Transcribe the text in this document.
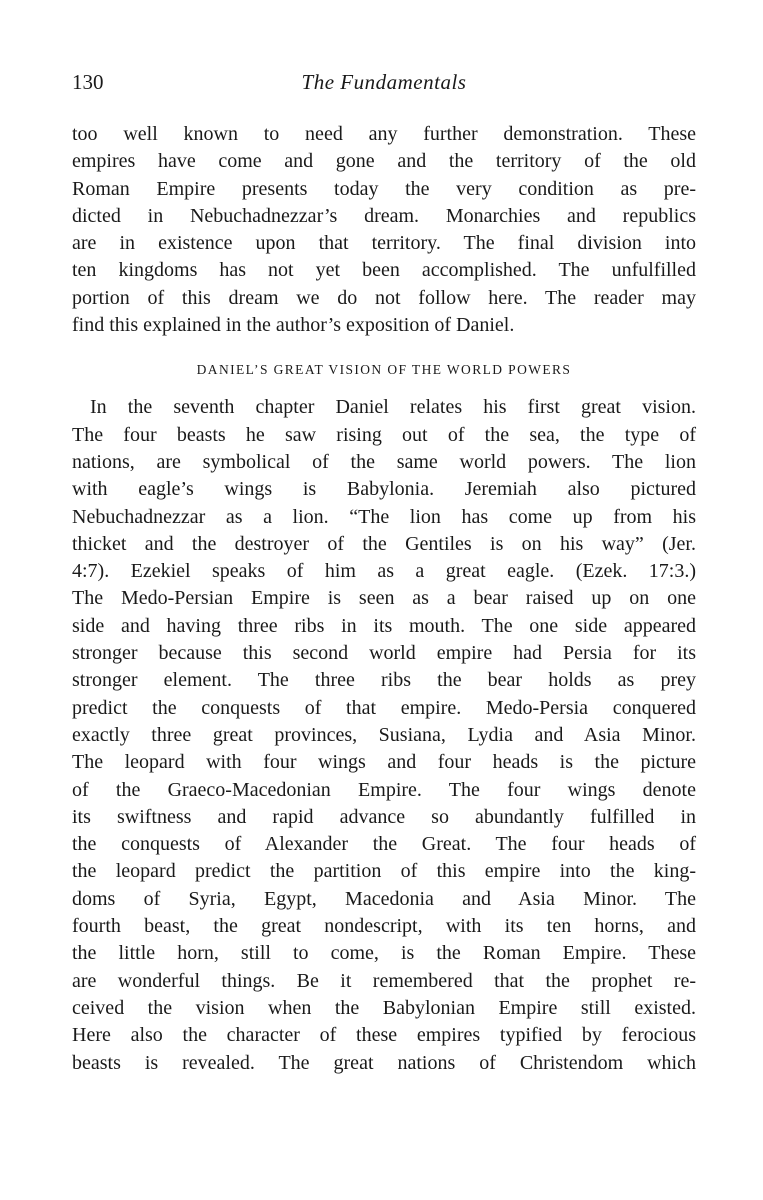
130	The Fundamentals
too well known to need any further demonstration. These
empires have come and gone and the territory of the old
Roman Empire presents today the very condition as pre-
dicted in Nebuchadnezzar’s dream. Monarchies and republics
are in existence upon that territory. The final division into
ten kingdoms has not yet been accomplished. The unfulfilled
portion of this dream we do not follow here. The reader may
find this explained in the author’s exposition of Daniel.
DANIEL’S GREAT VISION OF THE WORLD POWERS
In the seventh chapter Daniel relates his first great vision.
The four beasts he saw rising out of the sea, the type of
nations, are symbolical of the same world powers. The lion
with eagle’s wings is Babylonia. Jeremiah also pictured
Nebuchadnezzar as a lion. “The lion has come up from his
thicket and the destroyer of the Gentiles is on his way” (Jer.
4:7). Ezekiel speaks of him as a great eagle. (Ezek. 17:3.)
The Medo-Persian Empire is seen as a bear raised up on one
side and having three ribs in its mouth. The one side appeared
stronger because this second world empire had Persia for its
stronger element. The three ribs the bear holds as prey
predict the conquests of that empire. Medo-Persia conquered
exactly three great provinces, Susiana, Lydia and Asia Minor.
The leopard with four wings and four heads is the picture
of the Graeco-Macedonian Empire. The four wings denote
its swiftness and rapid advance so abundantly fulfilled in
the conquests of Alexander the Great. The four heads of
the leopard predict the partition of this empire into the king-
doms of Syria, Egypt, Macedonia and Asia Minor. The
fourth beast, the great nondescript, with its ten horns, and
the little horn, still to come, is the Roman Empire. These
are wonderful things. Be it remembered that the prophet re-
ceived the vision when the Babylonian Empire still existed.
Here also the character of these empires typified by ferocious
beasts is revealed. The great nations of Christendom which
